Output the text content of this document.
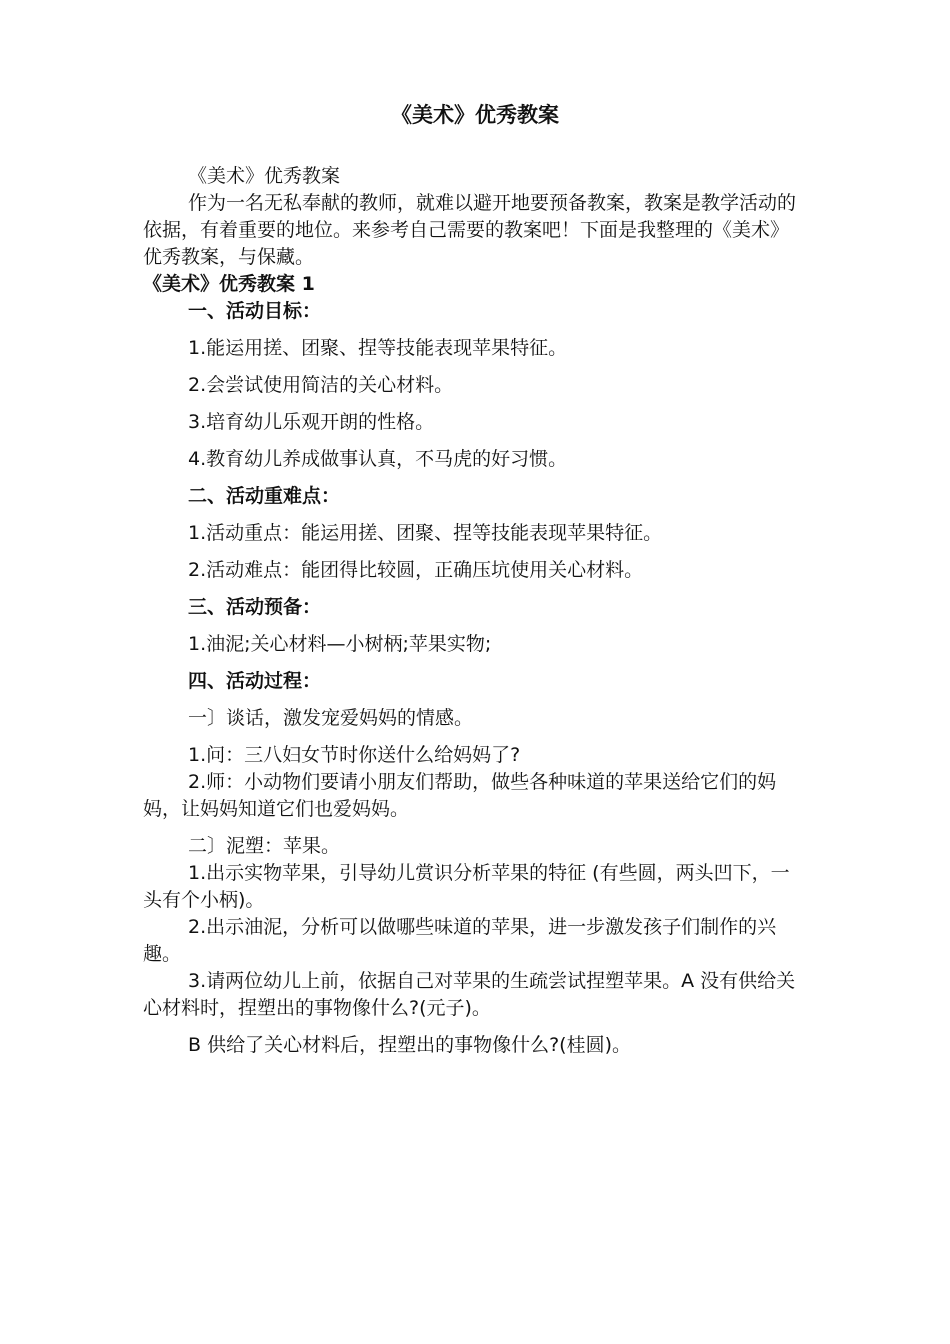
《美术》优秀教案

《美术》优秀教案

作为一名无私奉献的教师，就难以避开地要预备教案，教案是教学活动的依据，有着重要的地位。来参考自己需要的教案吧！下面是我整理的《美术》优秀教案，与保藏。

《美术》优秀教案 1

一、活动目标：

1.能运用搓、团聚、捏等技能表现苹果特征。

2.会尝试使用简洁的关心材料。

3.培育幼儿乐观开朗的性格。

4.教育幼儿养成做事认真，不马虎的好习惯。

二、活动重难点：

1.活动重点：能运用搓、团聚、捏等技能表现苹果特征。

2.活动难点：能团得比较圆，正确压坑使用关心材料。

三、活动预备：

1.油泥;关心材料—小树柄;苹果实物;

四、活动过程：

一〕谈话，激发宠爱妈妈的情感。

1.问：三八妇女节时你送什么给妈妈了?

2.师：小动物们要请小朋友们帮助，做些各种味道的苹果送给它们的妈妈，让妈妈知道它们也爱妈妈。

二〕泥塑：苹果。

1.出示实物苹果，引导幼儿赏识分析苹果的特征 (有些圆，两头凹下，一头有个小柄)。

2.出示油泥，分析可以做哪些味道的苹果，进一步激发孩子们制作的兴趣。

3.请两位幼儿上前，依据自己对苹果的生疏尝试捏塑苹果。A 没有供给关心材料时，捏塑出的事物像什么?(元子)。

B 供给了关心材料后，捏塑出的事物像什么?(桂圆)。
